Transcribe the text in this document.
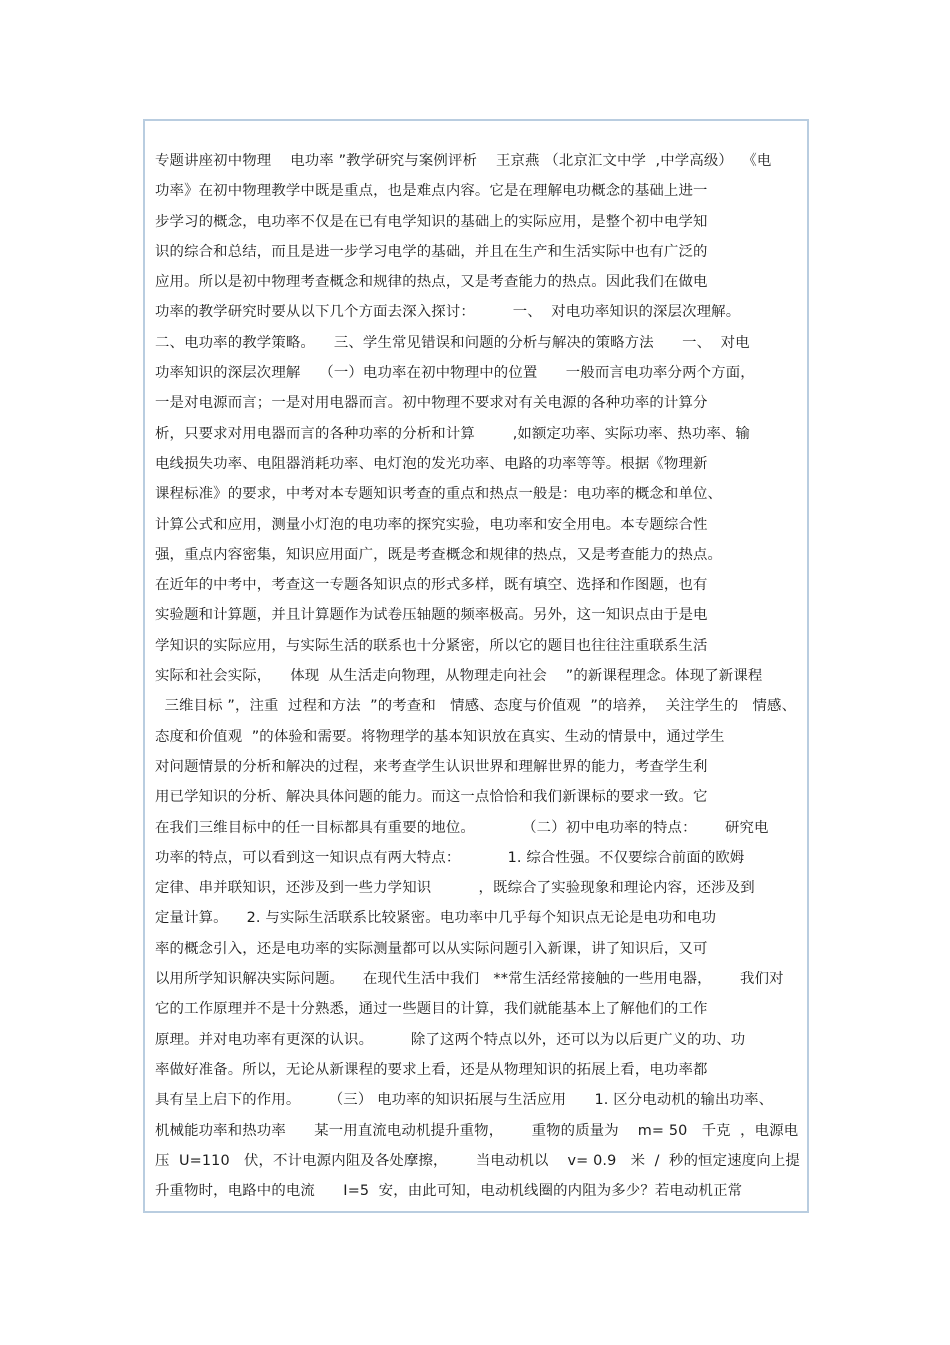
专题讲座初中物理    电功率 ”教学研究与案例评析    王京燕 （北京汇文中学  ,中学高级）  《电
功率》在初中物理教学中既是重点，也是难点内容。它是在理解电功概念的基础上进一
步学习的概念，电功率不仅是在已有电学知识的基础上的实际应用，是整个初中电学知
识的综合和总结，而且是进一步学习电学的基础，并且在生产和生活实际中也有广泛的
应用。所以是初中物理考查概念和规律的热点，又是考查能力的热点。因此我们在做电
功率的教学研究时要从以下几个方面去深入探讨：        一、  对电功率知识的深层次理解。
二、电功率的教学策略。    三、学生常见错误和问题的分析与解决的策略方法      一、  对电
功率知识的深层次理解    （一）电功率在初中物理中的位置      一般而言电功率分两个方面，
一是对电源而言；一是对用电器而言。初中物理不要求对有关电源的各种功率的计算分
析，只要求对用电器而言的各种功率的分析和计算        ,如额定功率、实际功率、热功率、输
电线损失功率、电阻器消耗功率、电灯泡的发光功率、电路的功率等等。根据《物理新
课程标准》的要求，中考对本专题知识考查的重点和热点一般是：电功率的概念和单位、
计算公式和应用，测量小灯泡的电功率的探究实验，电功率和安全用电。本专题综合性
强，重点内容密集，知识应用面广，既是考查概念和规律的热点，又是考查能力的热点。
在近年的中考中，考查这一专题各知识点的形式多样，既有填空、选择和作图题，也有
实验题和计算题，并且计算题作为试卷压轴题的频率极高。另外，这一知识点由于是电
学知识的实际应用，与实际生活的联系也十分紧密，所以它的题目也往往注重联系生活
实际和社会实际，    体现  从生活走向物理，从物理走向社会    ”的新课程理念。体现了新课程
三维目标 ”，注重  过程和方法  ”的考查和   情感、态度与价值观  ”的培养，  关注学生的   情感、
态度和价值观  ”的体验和需要。将物理学的基本知识放在真实、生动的情景中，通过学生
对问题情景的分析和解决的过程，来考查学生认识世界和理解世界的能力，考查学生利
用已学知识的分析、解决具体问题的能力。而这一点恰恰和我们新课标的要求一致。它
在我们三维目标中的任一目标都具有重要的地位。          （二）初中电功率的特点：      研究电
功率的特点，可以看到这一知识点有两大特点：          1. 综合性强。不仅要综合前面的欧姆
定律、串并联知识，还涉及到一些力学知识          ，既综合了实验现象和理论内容，还涉及到
定量计算。    2. 与实际生活联系比较紧密。电功率中几乎每个知识点无论是电功和电功
率的概念引入，还是电功率的实际测量都可以从实际问题引入新课，讲了知识后，又可
以用所学知识解决实际问题。    在现代生活中我们   **常生活经常接触的一些用电器，      我们对
它的工作原理并不是十分熟悉，通过一些题目的计算，我们就能基本上了解他们的工作
原理。并对电功率有更深的认识。        除了这两个特点以外，还可以为以后更广义的功、功
率做好准备。所以，无论从新课程的要求上看，还是从物理知识的拓展上看，电功率都
具有呈上启下的作用。      （三） 电功率的知识拓展与生活应用      1. 区分电动机的输出功率、
机械能功率和热功率      某一用直流电动机提升重物，      重物的质量为    m= 50   千克  ，电源电
压  U=110   伏，不计电源内阻及各处摩擦，      当电动机以    v= 0.9   米  /  秒的恒定速度向上提
升重物时，电路中的电流      I=5  安，由此可知，电动机线圈的内阻为多少？若电动机正常
